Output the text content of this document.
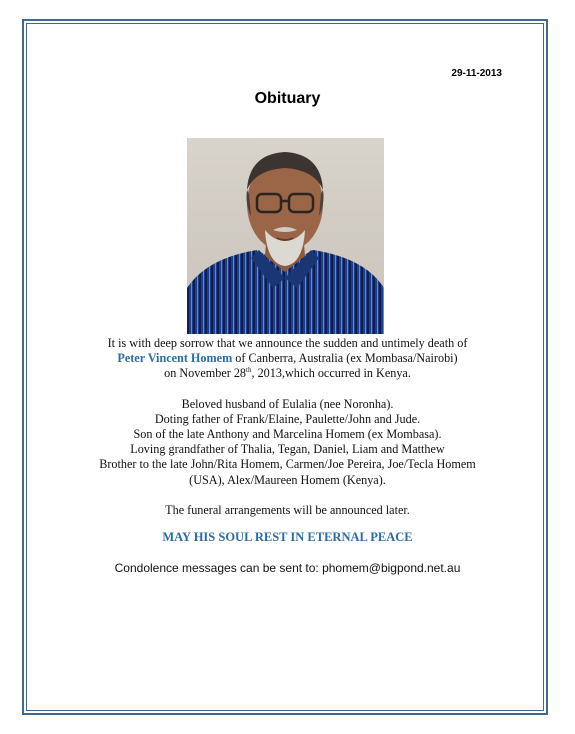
29-11-2013
Obituary

It is with deep sorrow that we announce the sudden and untimely death of

Peter Vincent Homem of Canberra, Australia (ex Mombasa/Nairobi)

on November 28th, 2013,which occurred in Kenya.

Beloved husband of Eulalia (nee Noronha).

Doting father of Frank/Elaine, Paulette/John and Jude.

Son of the late Anthony and Marcelina Homem (ex Mombasa).

Loving grandfather of Thalia, Tegan, Daniel, Liam and Matthew

Brother to the late John/Rita Homem, Carmen/Joe Pereira, Joe/Tecla Homem

(USA), Alex/Maureen Homem (Kenya).

The funeral arrangements will be announced later.

MAY HIS SOUL REST IN ETERNAL PEACE
Condolence messages can be sent to: phomem@bigpond.net.au
